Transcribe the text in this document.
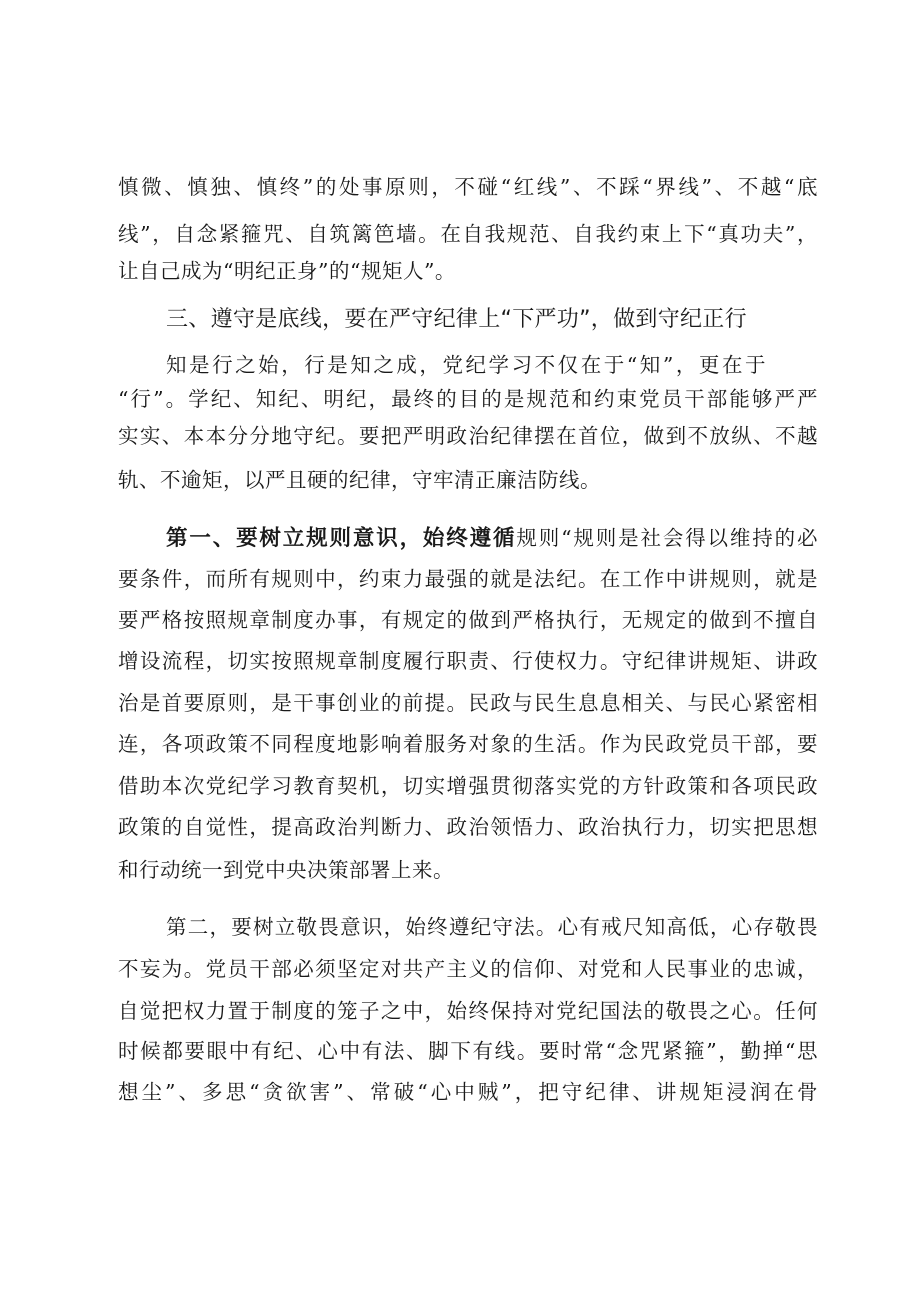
慎微、慎独、慎终”的处事原则，不碰“红线”、不踩“界线”、不越“底
线”，自念紧箍咒、自筑篱笆墙。在自我规范、自我约束上下“真功夫”，
让自己成为“明纪正身”的“规矩人”。
三、遵守是底线，要在严守纪律上“下严功”，做到守纪正行
知是行之始，行是知之成，党纪学习不仅在于“知”，更在于
“行”。学纪、知纪、明纪，最终的目的是规范和约束党员干部能够严严
实实、本本分分地守纪。要把严明政治纪律摆在首位，做到不放纵、不越
轨、不逾矩，以严且硬的纪律，守牢清正廉洁防线。
第一、要树立规则意识，始终遵循规则“规则是社会得以维持的必
要条件，而所有规则中，约束力最强的就是法纪。在工作中讲规则，就是
要严格按照规章制度办事，有规定的做到严格执行，无规定的做到不擅自
增设流程，切实按照规章制度履行职责、行使权力。守纪律讲规矩、讲政
治是首要原则，是干事创业的前提。民政与民生息息相关、与民心紧密相
连，各项政策不同程度地影响着服务对象的生活。作为民政党员干部，要
借助本次党纪学习教育契机，切实增强贯彻落实党的方针政策和各项民政
政策的自觉性，提高政治判断力、政治领悟力、政治执行力，切实把思想
和行动统一到党中央决策部署上来。
第二，要树立敬畏意识，始终遵纪守法。心有戒尺知高低，心存敬畏
不妄为。党员干部必须坚定对共产主义的信仰、对党和人民事业的忠诚，
自觉把权力置于制度的笼子之中，始终保持对党纪国法的敬畏之心。任何
时候都要眼中有纪、心中有法、脚下有线。要时常“念咒紧箍”，勤掸“思
想尘”、多思“贪欲害”、常破“心中贼”，把守纪律、讲规矩浸润在骨
